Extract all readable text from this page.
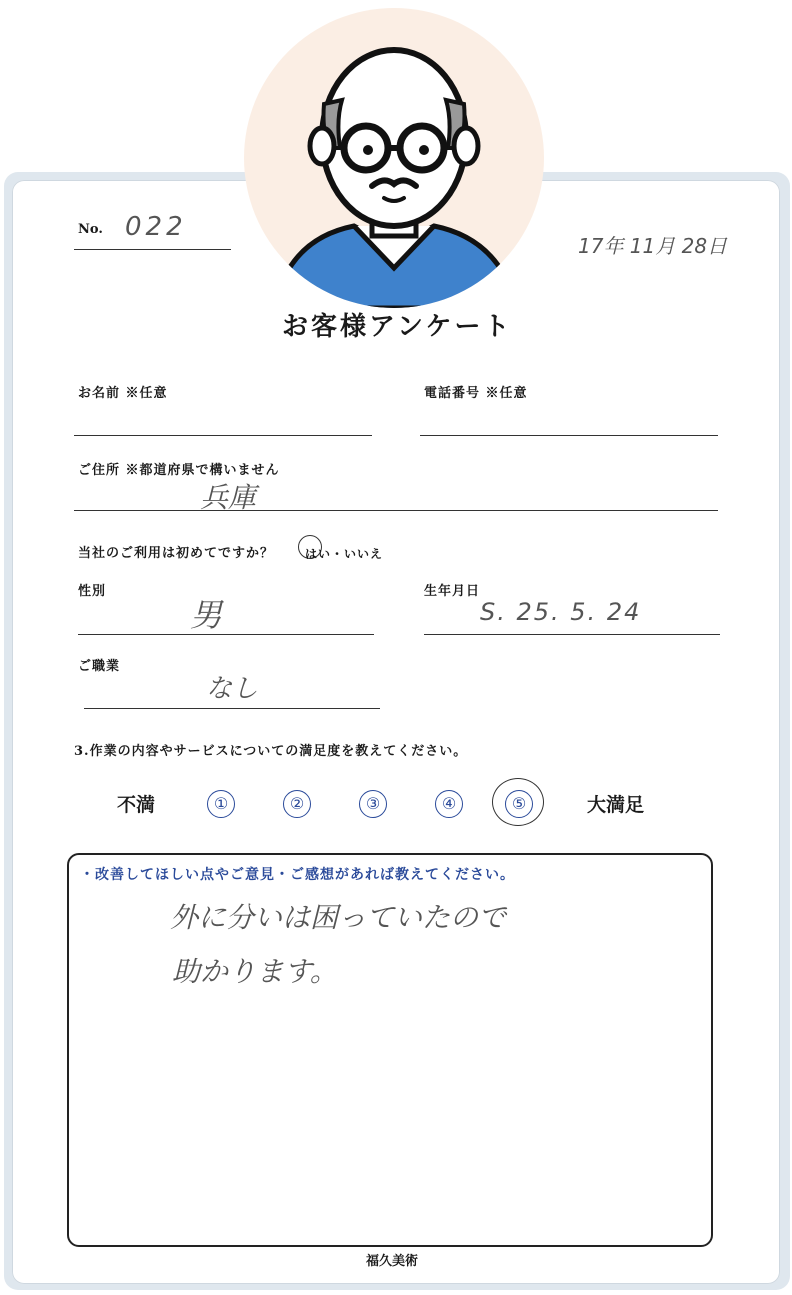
No. 022
17年 11月 28日
お客様アンケート
お名前 ※任意	電話番号 ※任意
ご住所 ※都道府県で構いません
兵庫
当社のご利用は初めてですか？	はい・いいえ
性別
男
生年月日
S. 25. 5. 24
ご職業
なし
3.作業の内容やサービスについての満足度を教えてください。
不満	①	②	③	④	⑤	大満足
・改善してほしい点やご意見・ご感想があれば教えてください。
外に分いは困っていたので
助かります。
福久美術
